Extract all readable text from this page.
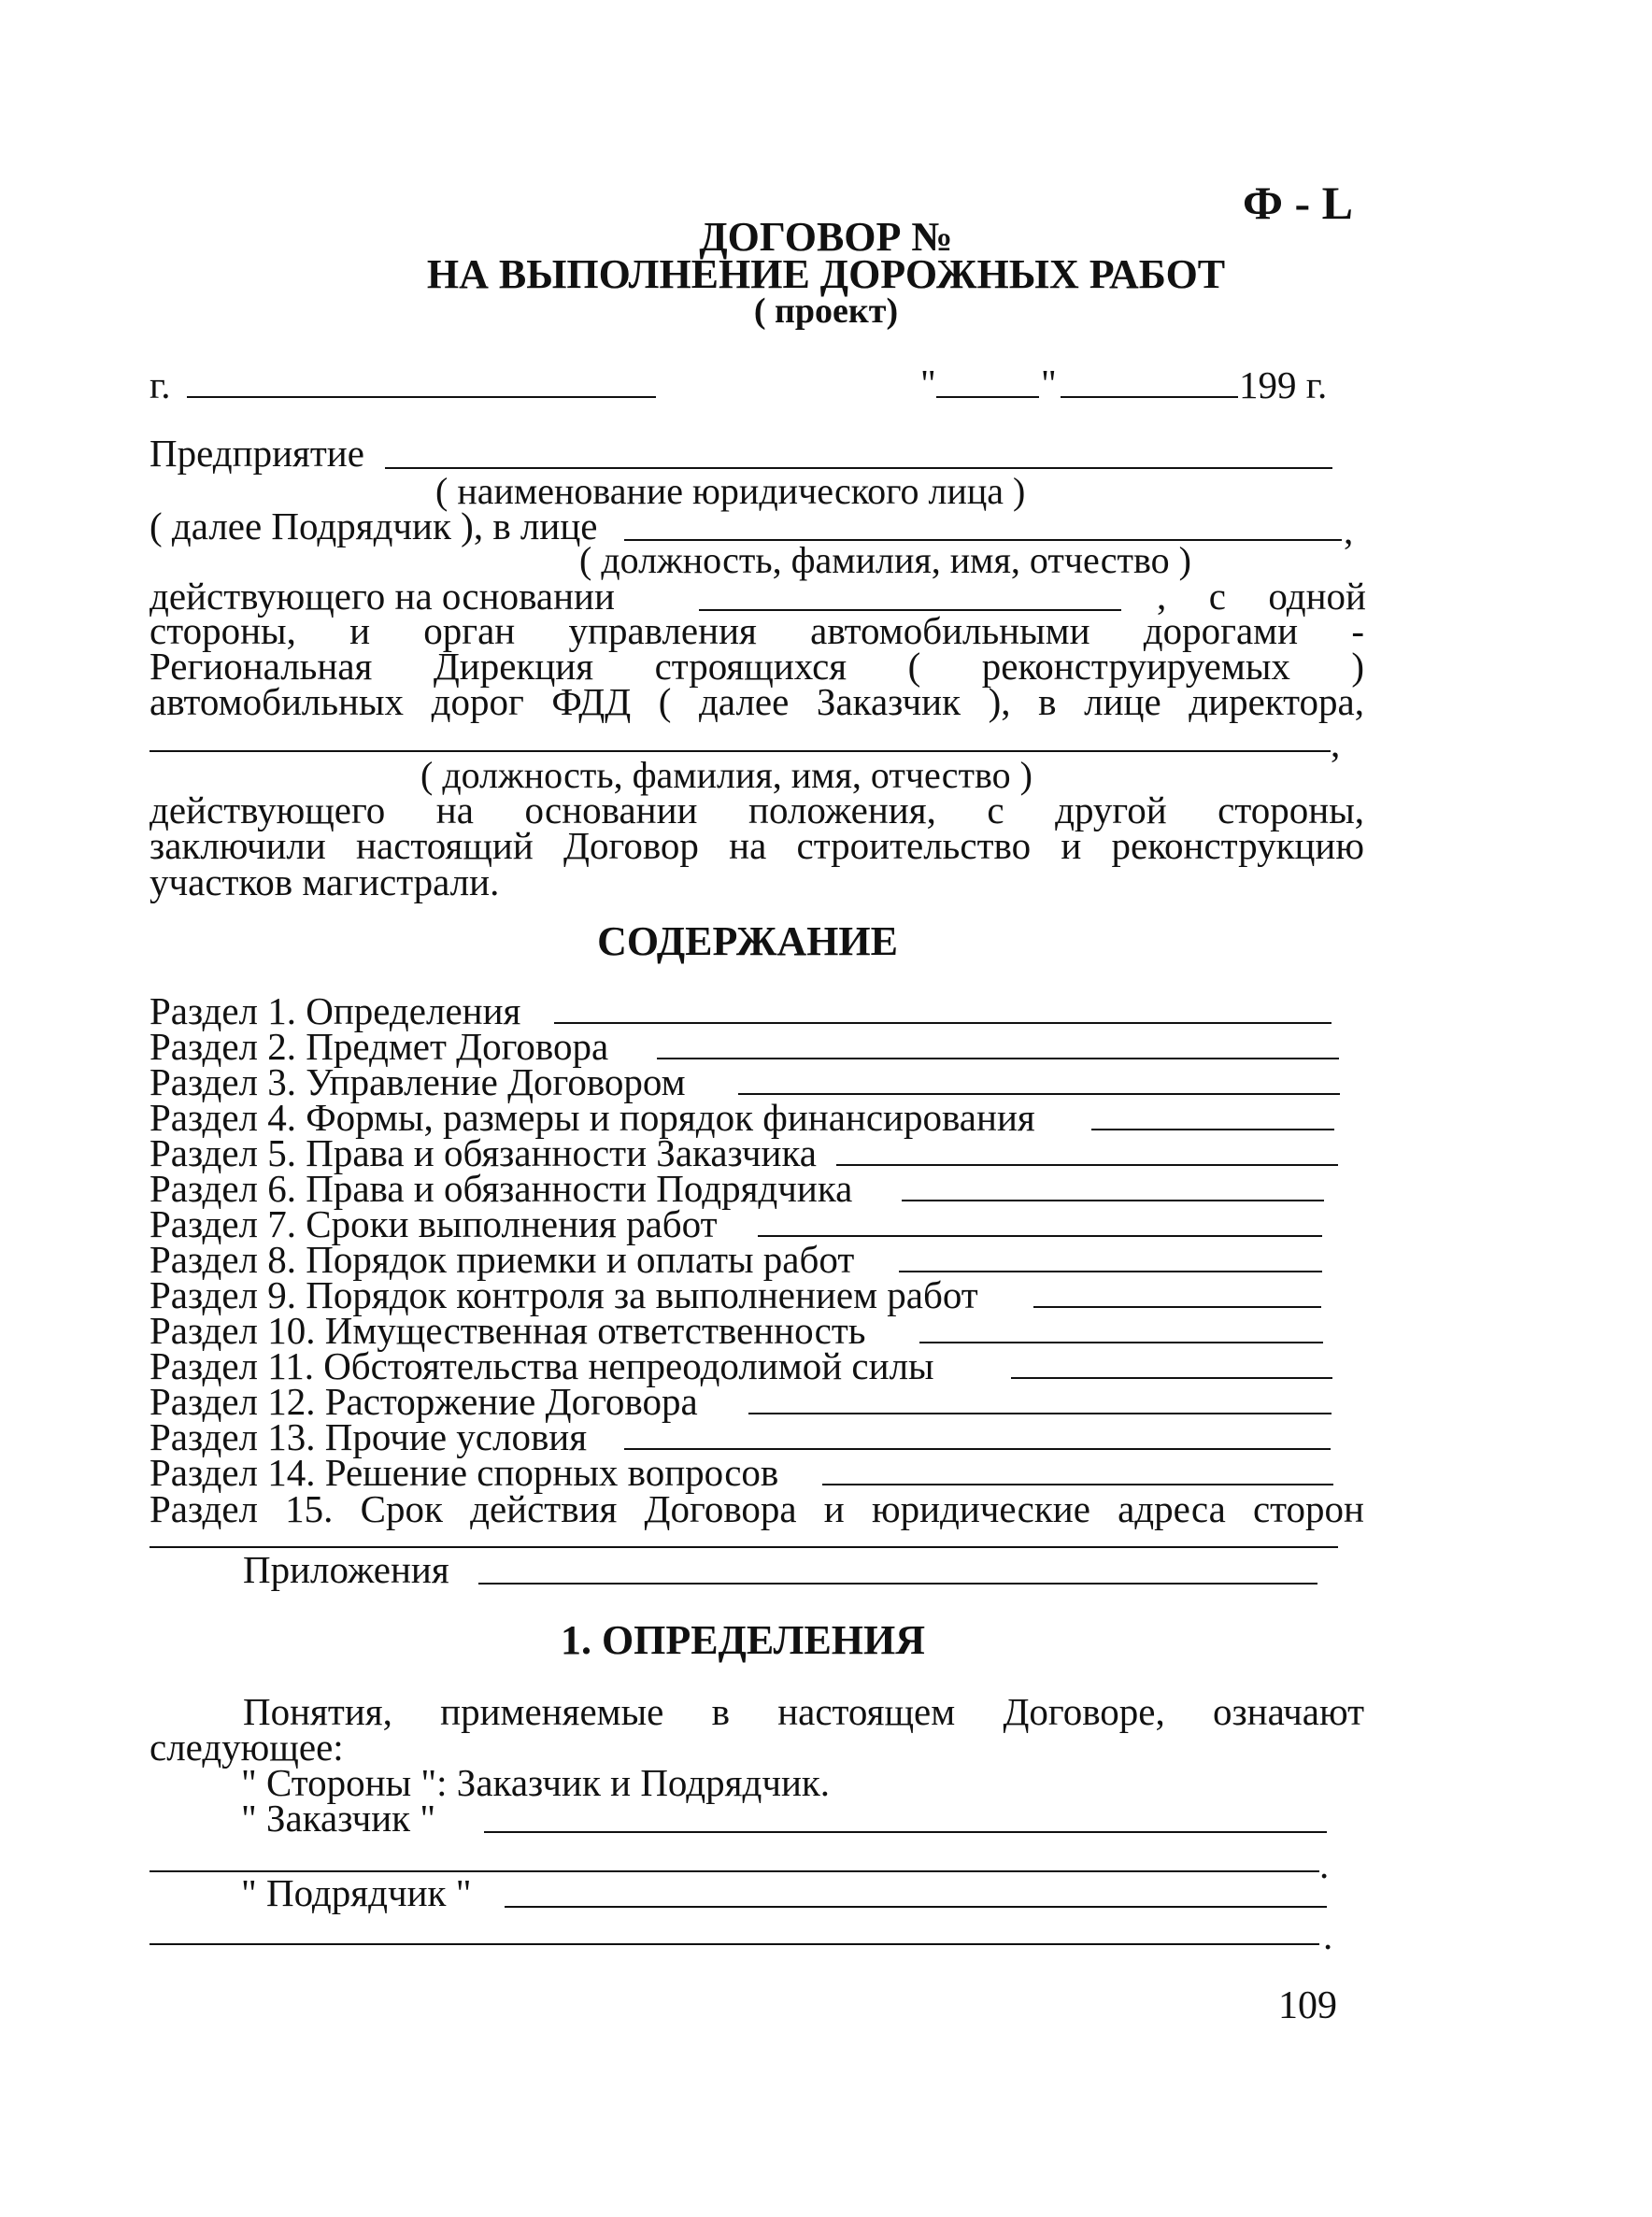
Ф - L
ДОГОВОР №
НА ВЫПОЛНЕНИЕ ДОРОЖНЫХ РАБОТ
( проект)
г.	"	"	199 г.
Предприятие
( наименование юридического лица )
( далее Подрядчик ), в лице	,
( должность, фамилия, имя, отчество )
действующего на основании	, с одной
стороны, и орган управления автомобильными дорогами -
Региональная Дирекция строящихся ( реконструируемых )
автомобильных дорог ФДД ( далее Заказчик ), в лице директора,
,
( должность, фамилия, имя, отчество )
действующего на основании положения, с другой стороны,
заключили настоящий Договор на строительство и реконструкцию
участков магистрали.
СОДЕРЖАНИЕ
Раздел 1. Определения
Раздел 2. Предмет Договора
Раздел 3. Управление Договором
Раздел 4. Формы, размеры и порядок финансирования
Раздел 5. Права и обязанности Заказчика
Раздел 6. Права и обязанности Подрядчика
Раздел 7. Сроки выполнения работ
Раздел 8. Порядок приемки и оплаты работ
Раздел 9. Порядок контроля за выполнением работ
Раздел 10. Имущественная ответственность
Раздел 11. Обстоятельства непреодолимой силы
Раздел 12. Расторжение Договора
Раздел 13. Прочие условия
Раздел 14. Решение спорных вопросов
Раздел 15. Срок действия Договора и юридические адреса сторон
Приложения
1. ОПРЕДЕЛЕНИЯ
Понятия, применяемые в настоящем Договоре, означают
следующее:
" Стороны ": Заказчик и Подрядчик.
" Заказчик "
.
" Подрядчик "
.
109
